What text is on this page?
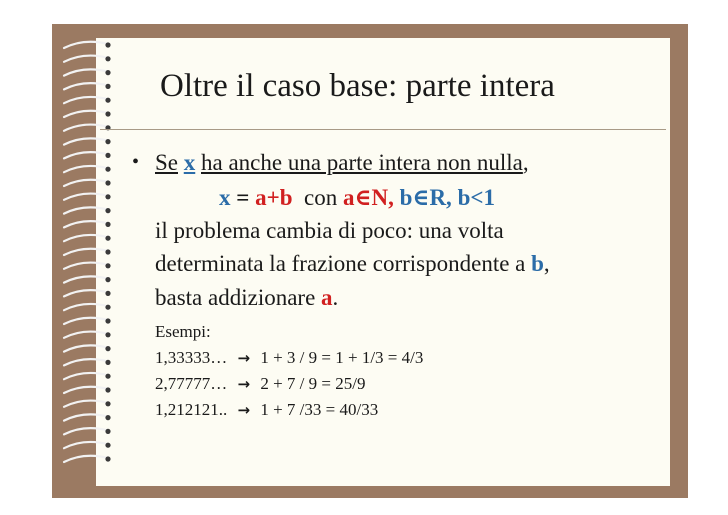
Oltre il caso base: parte intera
• Se x ha anche una parte intera non nulla,
x = a+b con a∈N, b∈R, b<1
il problema cambia di poco: una volta
determinata la frazione corrispondente a b,
basta addizionare a.
Esempi:
1,33333… → 1 + 3 / 9 = 1 + 1/3 = 4/3
2,77777… → 2 + 7 / 9 = 25/9
1,212121.. → 1 + 7 /33 = 40/33
